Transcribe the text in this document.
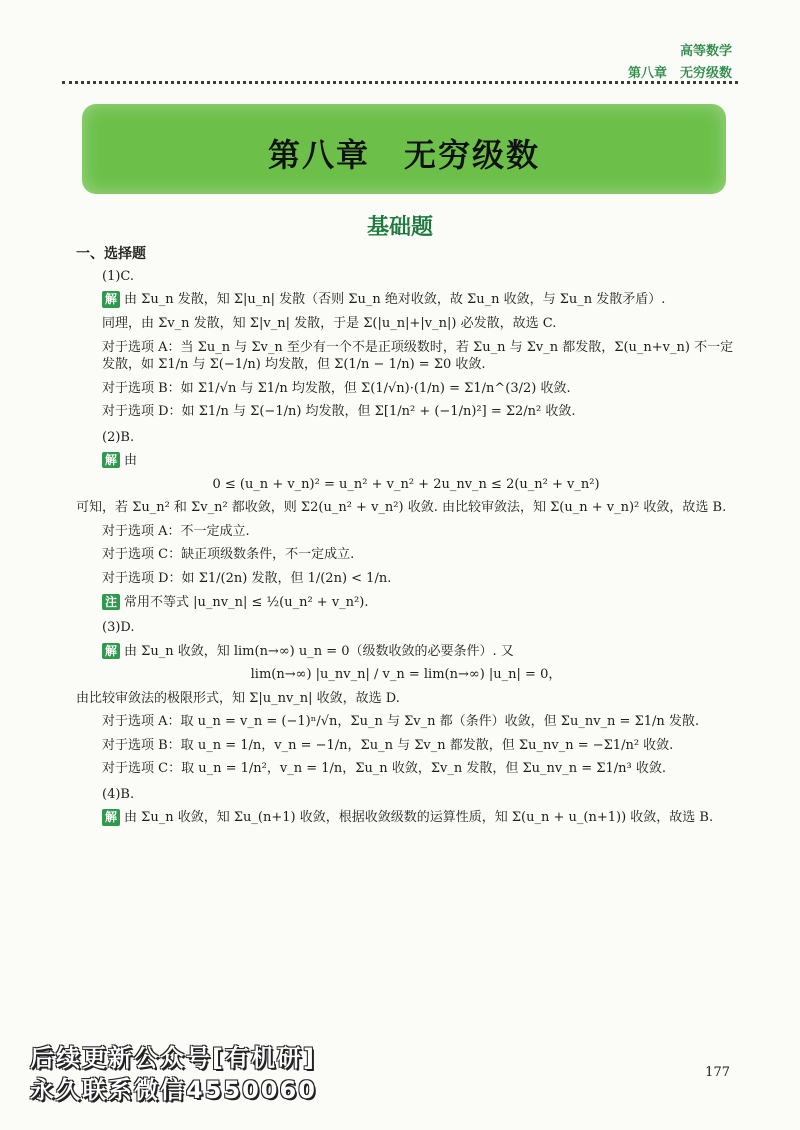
高等数学
第八章　无穷级数
第八章　无穷级数
基础题
一、选择题
(1)C.
解 由 Σu_n 发散，知 Σ|u_n| 发散（否则 Σu_n 绝对收敛，故 Σu_n 收敛，与 Σu_n 发散矛盾）.
同理，由 Σv_n 发散，知 Σ|v_n| 发散，于是 Σ(|u_n|+|v_n|) 必发散，故选 C.
对于选项 A：当 Σu_n 与 Σv_n 至少有一个不是正项级数时，若 Σu_n 与 Σv_n 都发散，Σ(u_n+v_n) 不一定发散，如 Σ1/n 与 Σ(−1/n) 均发散，但 Σ(1/n − 1/n) = Σ0 收敛.
对于选项 B：如 Σ1/√n 与 Σ1/n 均发散，但 Σ(1/√n)·(1/n) = Σ1/n^(3/2) 收敛.
对于选项 D：如 Σ1/n 与 Σ(−1/n) 均发散，但 Σ[1/n² + (−1/n)²] = Σ2/n² 收敛.
(2)B.
解 由
0 ≤ (u_n + v_n)² = u_n² + v_n² + 2u_nv_n ≤ 2(u_n² + v_n²)
可知，若 Σu_n² 和 Σv_n² 都收敛，则 Σ2(u_n² + v_n²) 收敛. 由比较审敛法，知 Σ(u_n + v_n)² 收敛，故选 B.
对于选项 A：不一定成立.
对于选项 C：缺正项级数条件，不一定成立.
对于选项 D：如 Σ1/(2n) 发散，但 1/(2n) < 1/n.
注 常用不等式 |u_nv_n| ≤ ½(u_n² + v_n²).
(3)D.
解 由 Σu_n 收敛，知 lim(n→∞) u_n = 0（级数收敛的必要条件）. 又
lim(n→∞) |u_nv_n| / v_n = lim(n→∞) |u_n| = 0，
由比较审敛法的极限形式，知 Σ|u_nv_n| 收敛，故选 D.
对于选项 A：取 u_n = v_n = (−1)ⁿ/√n，Σu_n 与 Σv_n 都（条件）收敛，但 Σu_nv_n = Σ1/n 发散.
对于选项 B：取 u_n = 1/n，v_n = −1/n，Σu_n 与 Σv_n 都发散，但 Σu_nv_n = −Σ1/n² 收敛.
对于选项 C：取 u_n = 1/n²，v_n = 1/n，Σu_n 收敛，Σv_n 发散，但 Σu_nv_n = Σ1/n³ 收敛.
(4)B.
解 由 Σu_n 收敛，知 Σu_(n+1) 收敛，根据收敛级数的运算性质，知 Σ(u_n + u_(n+1)) 收敛，故选 B.
177
后续更新公众号[有机研]
永久联系微信4550060
